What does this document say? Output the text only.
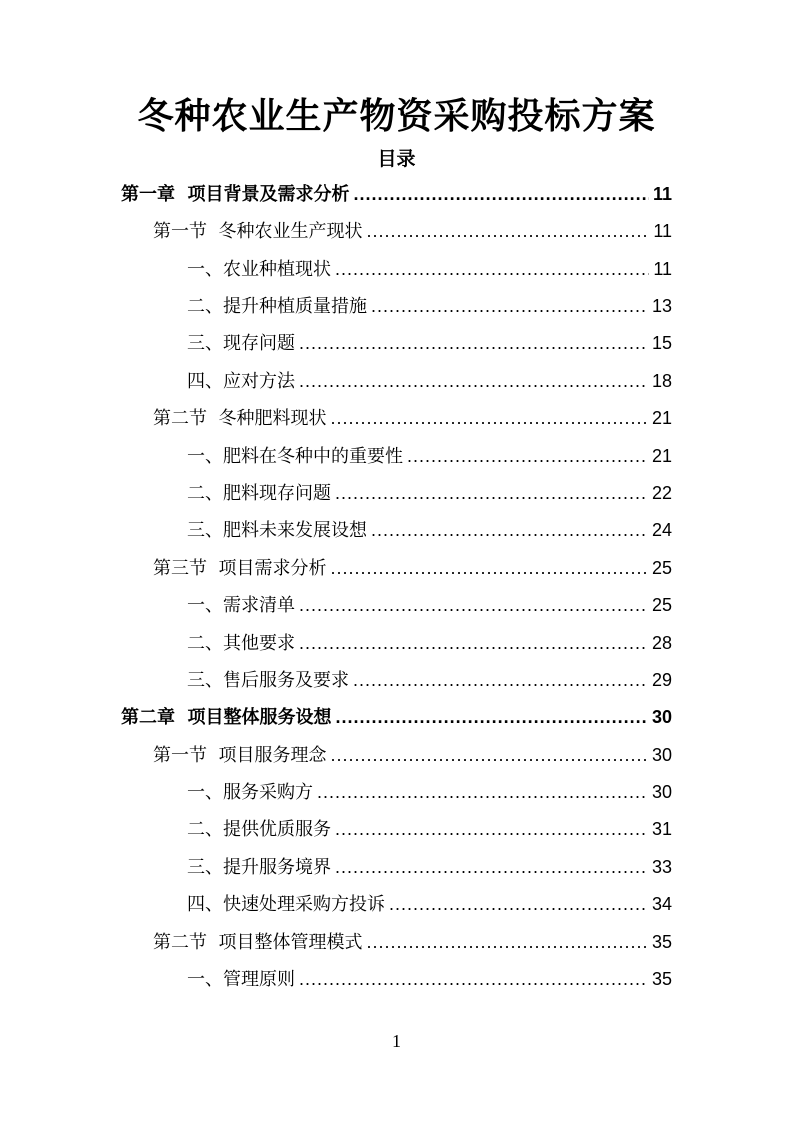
冬种农业生产物资采购投标方案
目录
第一章  项目背景及需求分析 .....	11
第一节  冬种农业生产现状 .....	11
一、农业种植现状 .....	11
二、提升种植质量措施 .....	13
三、现存问题 .....	15
四、应对方法 .....	18
第二节  冬种肥料现状 .....	21
一、肥料在冬种中的重要性 .....	21
二、肥料现存问题 .....	22
三、肥料未来发展设想 .....	24
第三节  项目需求分析 .....	25
一、需求清单 .....	25
二、其他要求 .....	28
三、售后服务及要求 .....	29
第二章  项目整体服务设想 .....	30
第一节  项目服务理念 .....	30
一、服务采购方 .....	30
二、提供优质服务 .....	31
三、提升服务境界 .....	33
四、快速处理采购方投诉 .....	34
第二节  项目整体管理模式 .....	35
一、管理原则 .....	35
1
